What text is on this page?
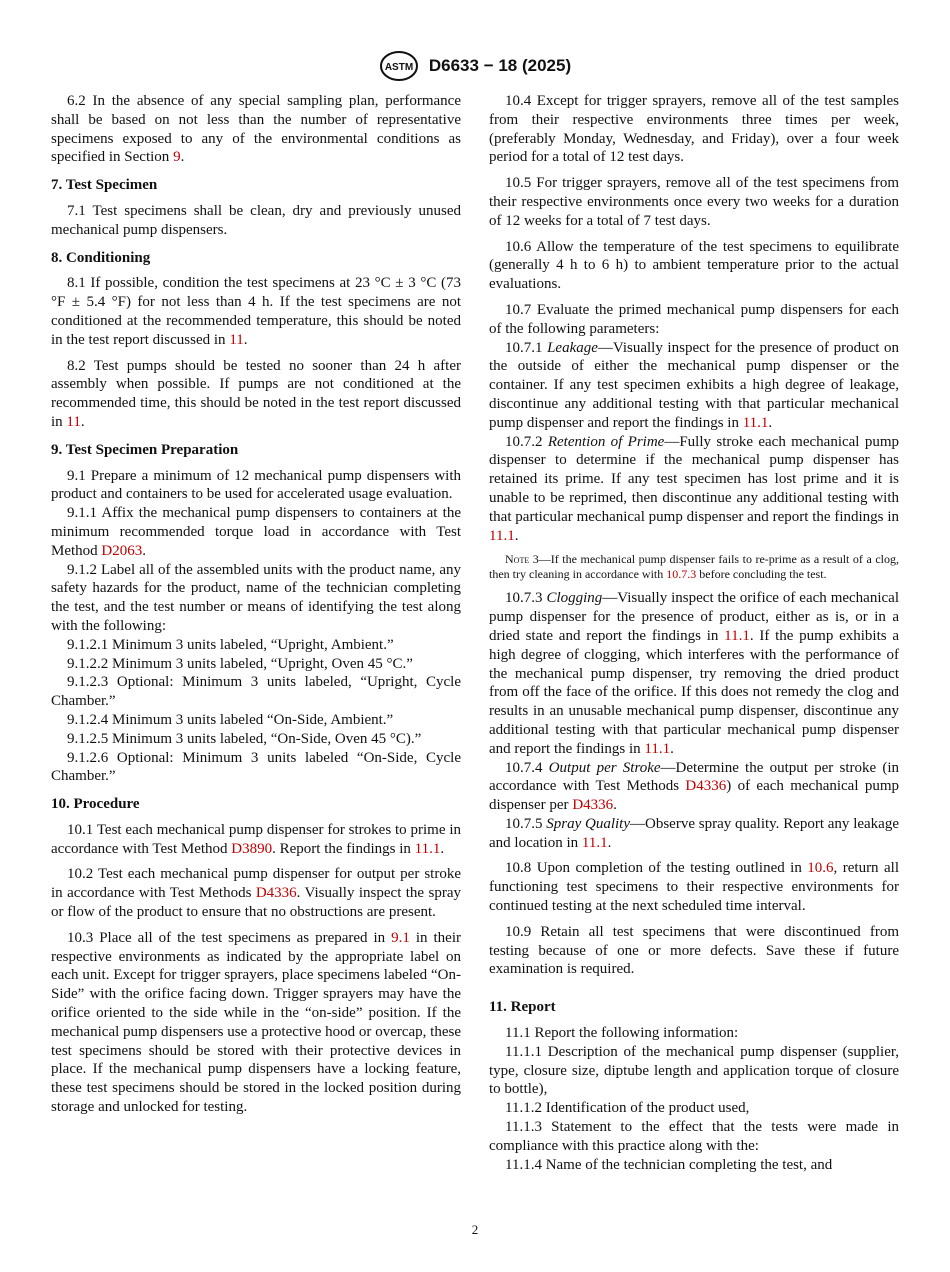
ASTM D6633 − 18 (2025)

6.2 In the absence of any special sampling plan, performance shall be based on not less than the number of representative specimens exposed to any of the environmental conditions as specified in Section 9.

7. Test Specimen

7.1 Test specimens shall be clean, dry and previously unused mechanical pump dispensers.

8. Conditioning

8.1 If possible, condition the test specimens at 23 °C ± 3 °C (73 °F ± 5.4 °F) for not less than 4 h. If the test specimens are not conditioned at the recommended temperature, this should be noted in the test report discussed in 11.

8.2 Test pumps should be tested no sooner than 24 h after assembly when possible. If pumps are not conditioned at the recommended time, this should be noted in the test report discussed in 11.

9. Test Specimen Preparation

9.1 Prepare a minimum of 12 mechanical pump dispensers with product and containers to be used for accelerated usage evaluation.

9.1.1 Affix the mechanical pump dispensers to containers at the minimum recommended torque load in accordance with Test Method D2063.

9.1.2 Label all of the assembled units with the product name, any safety hazards for the product, name of the technician completing the test, and the test number or means of identifying the test along with the following:

9.1.2.1 Minimum 3 units labeled, “Upright, Ambient.”

9.1.2.2 Minimum 3 units labeled, “Upright, Oven 45 °C.”

9.1.2.3 Optional: Minimum 3 units labeled, “Upright, Cycle Chamber.”

9.1.2.4 Minimum 3 units labeled “On-Side, Ambient.”

9.1.2.5 Minimum 3 units labeled, “On-Side, Oven 45 °C).”

9.1.2.6 Optional: Minimum 3 units labeled “On-Side, Cycle Chamber.”

10. Procedure

10.1 Test each mechanical pump dispenser for strokes to prime in accordance with Test Method D3890. Report the findings in 11.1.

10.2 Test each mechanical pump dispenser for output per stroke in accordance with Test Methods D4336. Visually inspect the spray or flow of the product to ensure that no obstructions are present.

10.3 Place all of the test specimens as prepared in 9.1 in their respective environments as indicated by the appropriate label on each unit. Except for trigger sprayers, place specimens labeled “On-Side” with the orifice facing down. Trigger sprayers may have the orifice oriented to the side while in the “on-side” position. If the mechanical pump dispensers use a protective hood or overcap, these test specimens should be stored with their protective devices in place. If the mechanical pump dispensers have a locking feature, these test specimens should be stored in the locked position during storage and unlocked for testing.

10.4 Except for trigger sprayers, remove all of the test samples from their respective environments three times per week, (preferably Monday, Wednesday, and Friday), over a four week period for a total of 12 test days.

10.5 For trigger sprayers, remove all of the test specimens from their respective environments once every two weeks for a duration of 12 weeks for a total of 7 test days.

10.6 Allow the temperature of the test specimens to equilibrate (generally 4 h to 6 h) to ambient temperature prior to the actual evaluations.

10.7 Evaluate the primed mechanical pump dispensers for each of the following parameters:

10.7.1 Leakage—Visually inspect for the presence of product on the outside of either the mechanical pump dispenser or the container. If any test specimen exhibits a high degree of leakage, discontinue any additional testing with that particular mechanical pump dispenser and report the findings in 11.1.

10.7.2 Retention of Prime—Fully stroke each mechanical pump dispenser to determine if the mechanical pump dispenser has retained its prime. If any test specimen has lost prime and it is unable to be reprimed, then discontinue any additional testing with that particular mechanical pump dispenser and report the findings in 11.1.

Note 3—If the mechanical pump dispenser fails to re-prime as a result of a clog, then try cleaning in accordance with 10.7.3 before concluding the test.

10.7.3 Clogging—Visually inspect the orifice of each mechanical pump dispenser for the presence of product, either as is, or in a dried state and report the findings in 11.1. If the pump exhibits a high degree of clogging, which interferes with the performance of the mechanical pump dispenser, try removing the dried product from off the face of the orifice. If this does not remedy the clog and results in an unusable mechanical pump dispenser, discontinue any additional testing with that particular mechanical pump dispenser and report the findings in 11.1.

10.7.4 Output per Stroke—Determine the output per stroke (in accordance with Test Methods D4336) of each mechanical pump dispenser per D4336.

10.7.5 Spray Quality—Observe spray quality. Report any leakage and location in 11.1.

10.8 Upon completion of the testing outlined in 10.6, return all functioning test specimens to their respective environments for continued testing at the next scheduled time interval.

10.9 Retain all test specimens that were discontinued from testing because of one or more defects. Save these if future examination is required.

11. Report

11.1 Report the following information:

11.1.1 Description of the mechanical pump dispenser (supplier, type, closure size, diptube length and application torque of closure to bottle),

11.1.2 Identification of the product used,

11.1.3 Statement to the effect that the tests were made in compliance with this practice along with the:

11.1.4 Name of the technician completing the test, and

2
